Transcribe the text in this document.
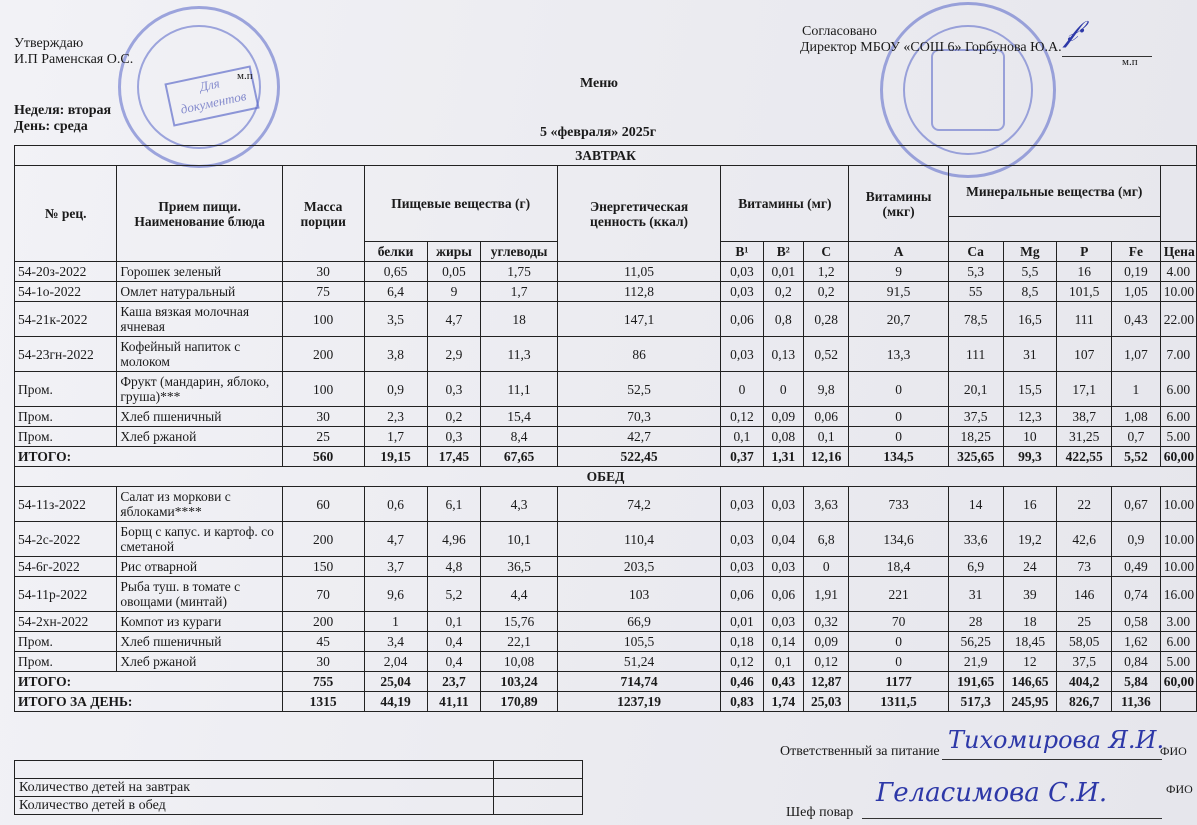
Для документов
Утверждаю
И.П Раменская О.С.
м.п
Согласовано
Директор МБОУ «СОШ 6» Горбунова Ю.А. 𝒻·
м.п
Меню
Неделя: вторая
День: среда	5 «февраля» 2025г
ЗАВТРАК															
№ рец.	Прием пищи. Наименование блюда	Масса порции	Пищевые вещества (г)			Энергетическая ценность (ккал)	Витамины (мг)			Витамины (мкг)	Минеральные вещества (мг)				

			белки	жиры	углеводы		B¹	B²	C	A	Ca	Mg	P	Fe	Цена
54-20з-2022	Горошек зеленый	30	0,65	0,05	1,75	11,05	0,03	0,01	1,2	9	5,3	5,5	16	0,19	4.00
54-1о-2022	Омлет натуральный	75	6,4	9	1,7	112,8	0,03	0,2	0,2	91,5	55	8,5	101,5	1,05	10.00
54-21к-2022	Каша вязкая молочная ячневая	100	3,5	4,7	18	147,1	0,06	0,8	0,28	20,7	78,5	16,5	111	0,43	22.00
54-23гн-2022	Кофейный напиток с молоком	200	3,8	2,9	11,3	86	0,03	0,13	0,52	13,3	111	31	107	1,07	7.00
Пром.	Фрукт (мандарин, яблоко, груша)***	100	0,9	0,3	11,1	52,5	0	0	9,8	0	20,1	15,5	17,1	1	6.00
Пром.	Хлеб пшеничный	30	2,3	0,2	15,4	70,3	0,12	0,09	0,06	0	37,5	12,3	38,7	1,08	6.00
Пром.	Хлеб ржаной	25	1,7	0,3	8,4	42,7	0,1	0,08	0,1	0	18,25	10	31,25	0,7	5.00
ИТОГО:		560	19,15	17,45	67,65	522,45	0,37	1,31	12,16	134,5	325,65	99,3	422,55	5,52	60,00
ОБЕД															
54-11з-2022	Салат из моркови с яблоками****	60	0,6	6,1	4,3	74,2	0,03	0,03	3,63	733	14	16	22	0,67	10.00
54-2с-2022	Борщ с капус. и картоф. со сметаной	200	4,7	4,96	10,1	110,4	0,03	0,04	6,8	134,6	33,6	19,2	42,6	0,9	10.00
54-6г-2022	Рис отварной	150	3,7	4,8	36,5	203,5	0,03	0,03	0	18,4	6,9	24	73	0,49	10.00
54-11р-2022	Рыба туш. в томате с овощами (минтай)	70	9,6	5,2	4,4	103	0,06	0,06	1,91	221	31	39	146	0,74	16.00
54-2хн-2022	Компот из кураги	200	1	0,1	15,76	66,9	0,01	0,03	0,32	70	28	18	25	0,58	3.00
Пром.	Хлеб пшеничный	45	3,4	0,4	22,1	105,5	0,18	0,14	0,09	0	56,25	18,45	58,05	1,62	6.00
Пром.	Хлеб ржаной	30	2,04	0,4	10,08	51,24	0,12	0,1	0,12	0	21,9	12	37,5	0,84	5.00
ИТОГО:		755	25,04	23,7	103,24	714,74	0,46	0,43	12,87	1177	191,65	146,65	404,2	5,84	60,00
ИТОГО ЗА ДЕНЬ:		1315	44,19	41,11	170,89	1237,19	0,83	1,74	25,03	1311,5	517,3	245,95	826,7	11,36	
Ответственный за питание Тихомирова Я.И.
ФИО
Шеф повар
Геласимова С.И.	ФИО

Количество детей на завтрак	
Количество детей в обед	
